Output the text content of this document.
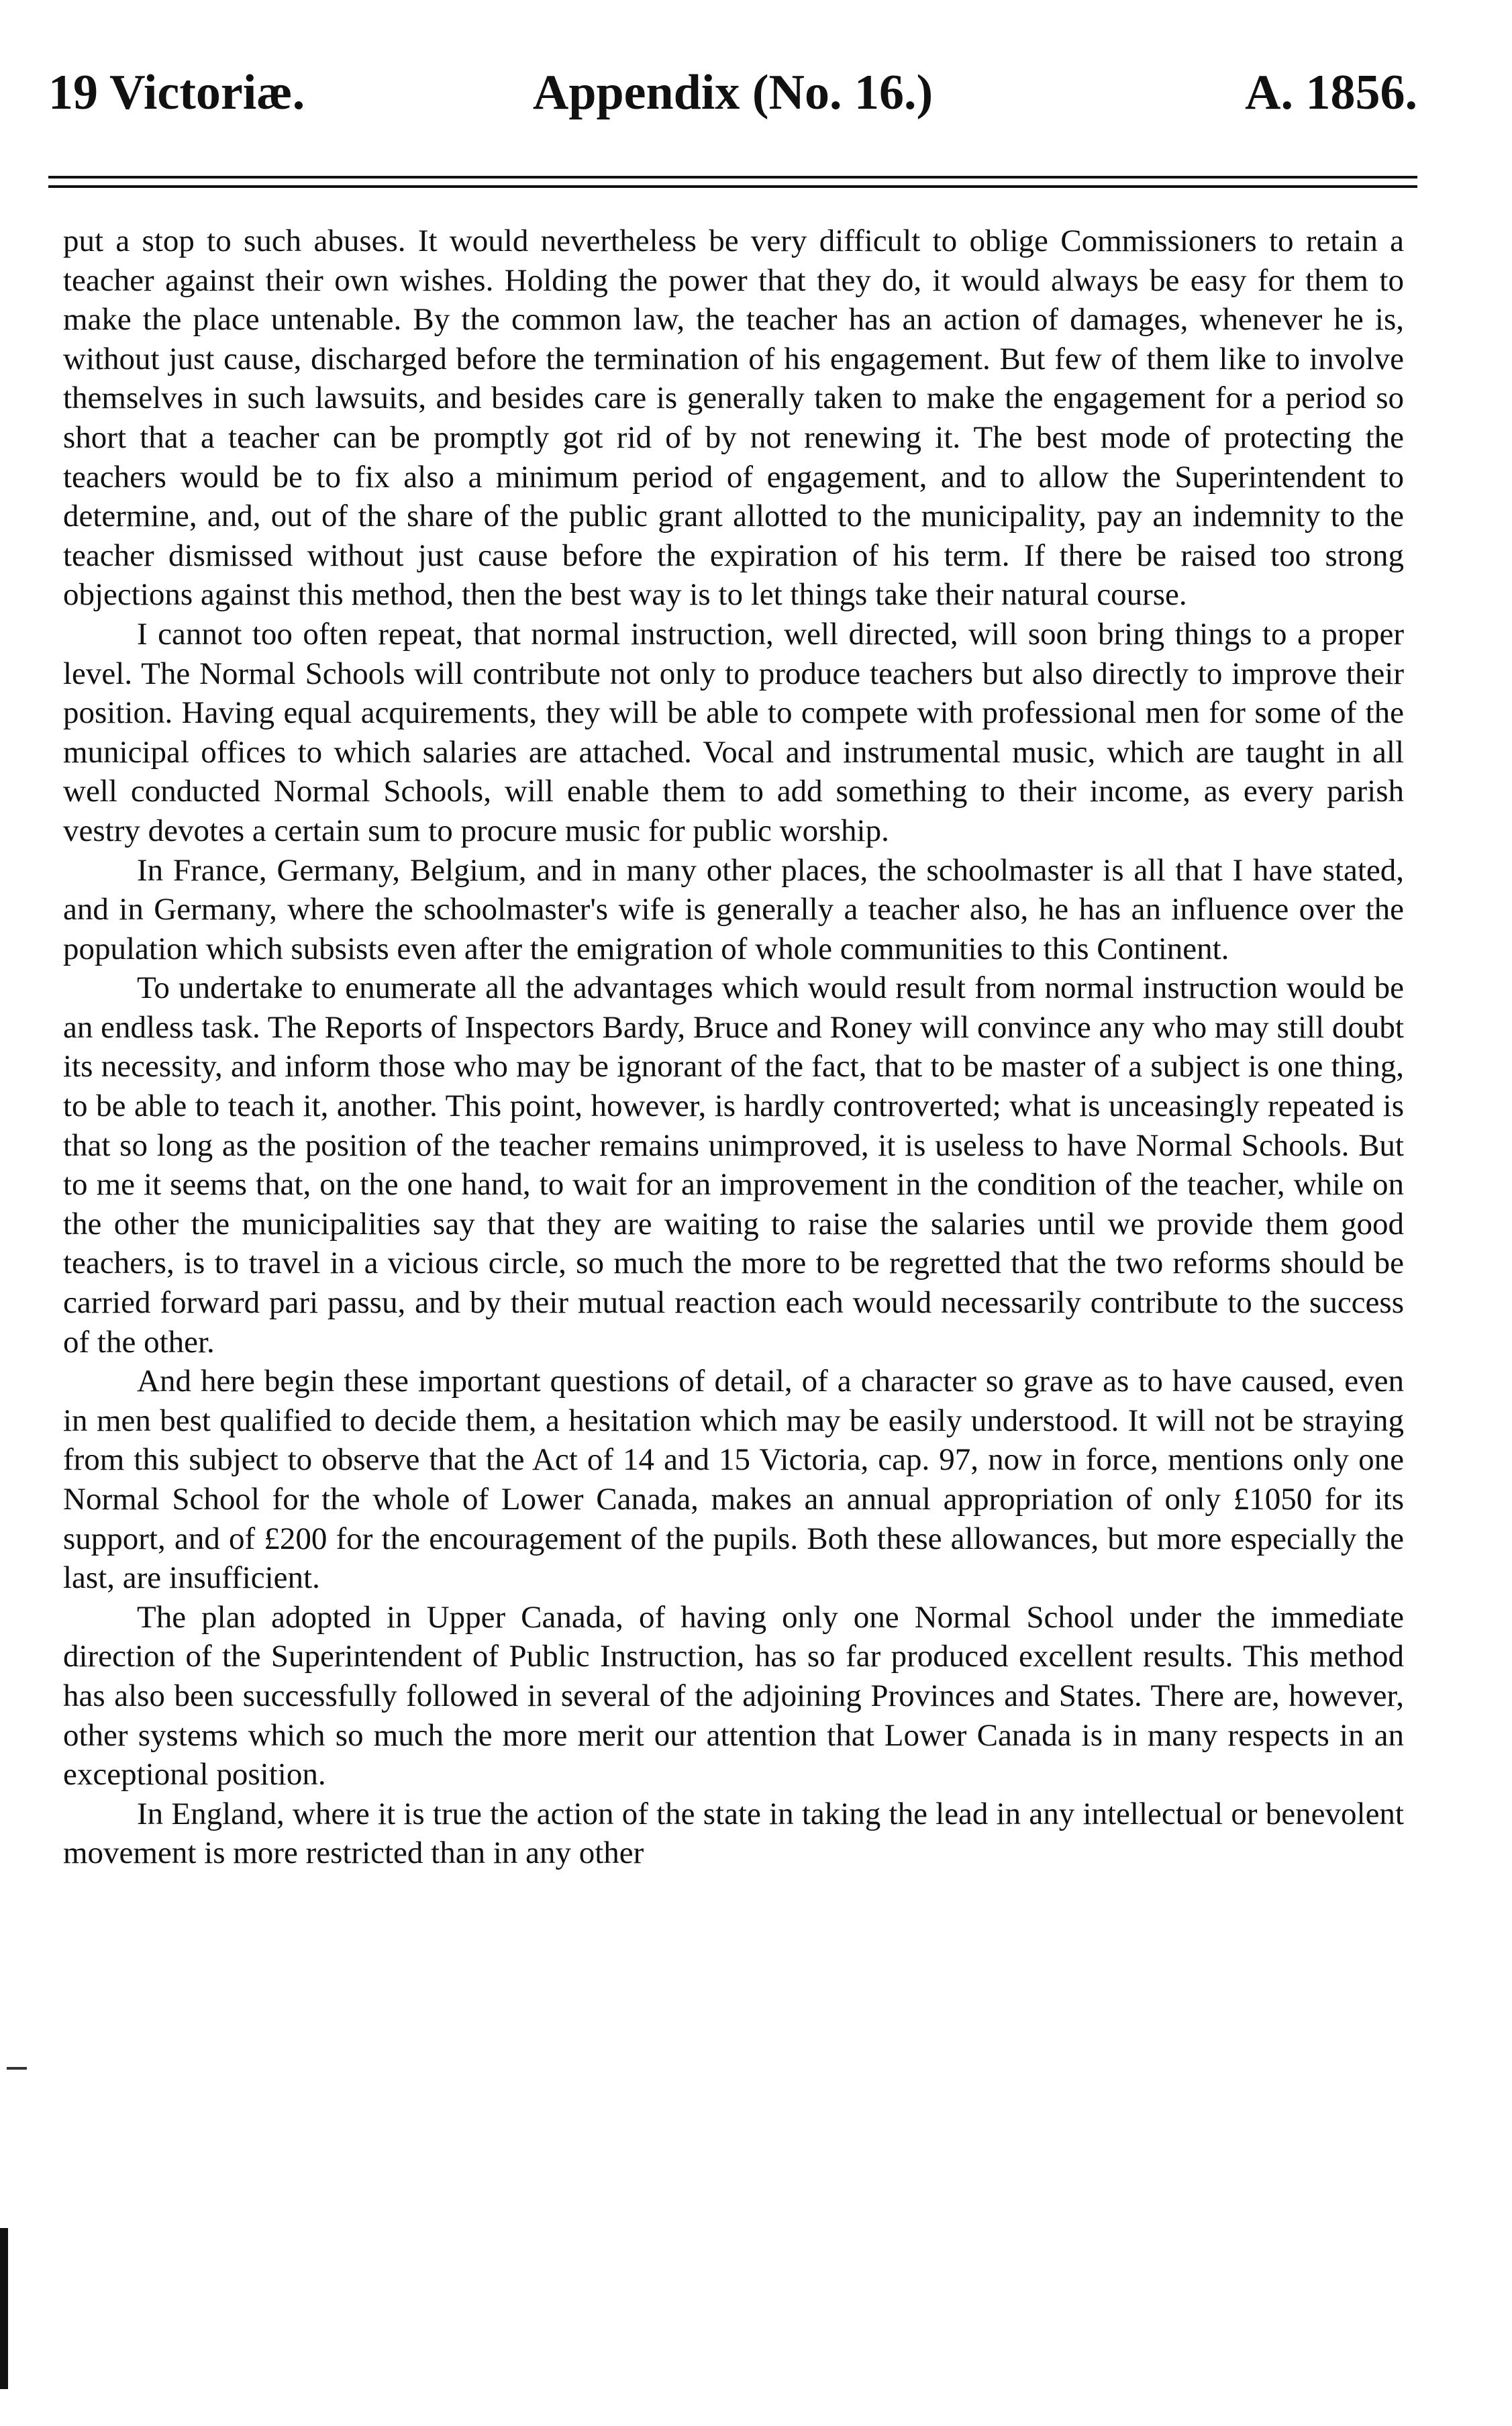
19 Victoriæ.	Appendix (No. 16.)	A. 1856.

put a stop to such abuses. It would nevertheless be very difficult to oblige Commissioners to retain a teacher against their own wishes. Holding the power that they do, it would always be easy for them to make the place untenable. By the common law, the teacher has an action of damages, whenever he is, without just cause, discharged before the termination of his engagement. But few of them like to involve themselves in such lawsuits, and besides care is generally taken to make the engagement for a period so short that a teacher can be promptly got rid of by not renewing it. The best mode of protecting the teachers would be to fix also a minimum period of engagement, and to allow the Superintendent to determine, and, out of the share of the public grant allotted to the municipality, pay an indemnity to the teacher dismissed without just cause before the expiration of his term. If there be raised too strong objections against this method, then the best way is to let things take their natural course.

I cannot too often repeat, that normal instruction, well directed, will soon bring things to a proper level. The Normal Schools will contribute not only to produce teachers but also directly to improve their position. Having equal acquirements, they will be able to compete with professional men for some of the municipal offices to which salaries are attached. Vocal and instrumental music, which are taught in all well conducted Normal Schools, will enable them to add something to their income, as every parish vestry devotes a certain sum to procure music for public worship.

In France, Germany, Belgium, and in many other places, the schoolmaster is all that I have stated, and in Germany, where the schoolmaster's wife is generally a teacher also, he has an influence over the population which subsists even after the emigration of whole communities to this Continent.

To undertake to enumerate all the advantages which would result from normal instruction would be an endless task. The Reports of Inspectors Bardy, Bruce and Roney will convince any who may still doubt its necessity, and inform those who may be ignorant of the fact, that to be master of a subject is one thing, to be able to teach it, another. This point, however, is hardly controverted; what is unceasingly repeated is that so long as the position of the teacher remains unimproved, it is useless to have Normal Schools. But to me it seems that, on the one hand, to wait for an improvement in the condition of the teacher, while on the other the municipalities say that they are waiting to raise the salaries until we provide them good teachers, is to travel in a vicious circle, so much the more to be regretted that the two reforms should be carried forward pari passu, and by their mutual reaction each would necessarily contribute to the success of the other.

And here begin these important questions of detail, of a character so grave as to have caused, even in men best qualified to decide them, a hesitation which may be easily understood. It will not be straying from this subject to observe that the Act of 14 and 15 Victoria, cap. 97, now in force, mentions only one Normal School for the whole of Lower Canada, makes an annual appropriation of only £1050 for its support, and of £200 for the encouragement of the pupils. Both these allowances, but more especially the last, are insufficient.

The plan adopted in Upper Canada, of having only one Normal School under the immediate direction of the Superintendent of Public Instruction, has so far produced excellent results. This method has also been successfully followed in several of the adjoining Provinces and States. There are, however, other systems which so much the more merit our attention that Lower Canada is in many respects in an exceptional position.

In England, where it is true the action of the state in taking the lead in any intellectual or benevolent movement is more restricted than in any other
